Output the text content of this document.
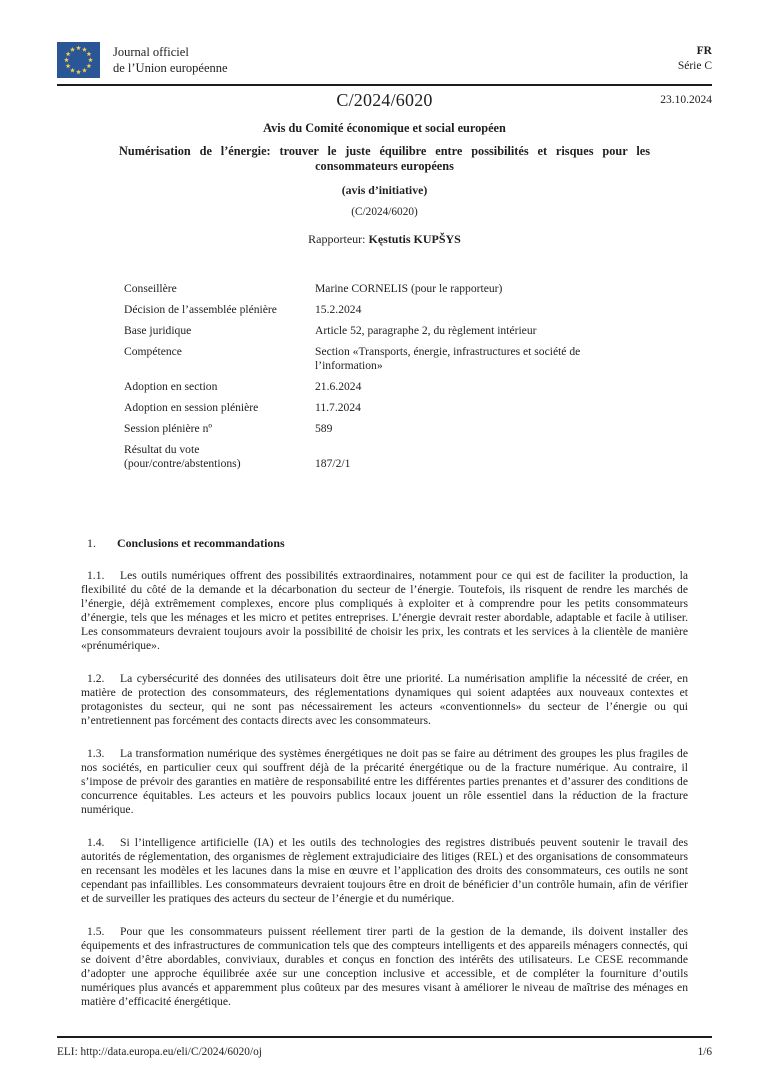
Journal officiel
de l’Union européenne
FR
Série C
C/2024/6020	23.10.2024
Avis du Comité économique et social européen
Numérisation de l’énergie: trouver le juste équilibre entre possibilités et risques pour les consommateurs européens
(avis d’initiative)
(C/2024/6020)
Rapporteur: Kęstutis KUPŠYS
Conseillère	Marine CORNELIS (pour le rapporteur)
Décision de l’assemblée plénière	15.2.2024
Base juridique	Article 52, paragraphe 2, du règlement intérieur
Compétence	Section «Transports, énergie, infrastructures et société de l’information»
Adoption en section	21.6.2024
Adoption en session plénière	11.7.2024
Session plénière nº	589
Résultat du vote
(pour/contre/abstentions)	187/2/1
1. Conclusions et recommandations

1.1. Les outils numériques offrent des possibilités extraordinaires, notamment pour ce qui est de faciliter la production, la flexibilité du côté de la demande et la décarbonation du secteur de l’énergie. Toutefois, ils risquent de rendre les marchés de l’énergie, déjà extrêmement complexes, encore plus compliqués à exploiter et à comprendre pour les petits consommateurs d’énergie, tels que les ménages et les micro et petites entreprises. L’énergie devrait rester abordable, adaptable et facile à utiliser. Les consommateurs devraient toujours avoir la possibilité de choisir les prix, les contrats et les services à la clientèle de manière «prénumérique».

1.2. La cybersécurité des données des utilisateurs doit être une priorité. La numérisation amplifie la nécessité de créer, en matière de protection des consommateurs, des réglementations dynamiques qui soient adaptées aux nouveaux contextes et protagonistes du secteur, qui ne sont pas nécessairement les acteurs «conventionnels» du secteur de l’énergie ou qui n’entretiennent pas forcément des contacts directs avec les consommateurs.

1.3. La transformation numérique des systèmes énergétiques ne doit pas se faire au détriment des groupes les plus fragiles de nos sociétés, en particulier ceux qui souffrent déjà de la précarité énergétique ou de la fracture numérique. Au contraire, il s’impose de prévoir des garanties en matière de responsabilité entre les différentes parties prenantes et d’assurer des conditions de concurrence équitables. Les acteurs et les pouvoirs publics locaux jouent un rôle essentiel dans la réduction de la fracture numérique.

1.4. Si l’intelligence artificielle (IA) et les outils des technologies des registres distribués peuvent soutenir le travail des autorités de réglementation, des organismes de règlement extrajudiciaire des litiges (REL) et des organisations de consommateurs en recensant les modèles et les lacunes dans la mise en œuvre et l’application des droits des consommateurs, ces outils ne sont cependant pas infaillibles. Les consommateurs devraient toujours être en droit de bénéficier d’un contrôle humain, afin de vérifier et de surveiller les pratiques des acteurs du secteur de l’énergie et du numérique.

1.5. Pour que les consommateurs puissent réellement tirer parti de la gestion de la demande, ils doivent installer des équipements et des infrastructures de communication tels que des compteurs intelligents et des appareils ménagers connectés, qui se doivent d’être abordables, conviviaux, durables et conçus en fonction des intérêts des utilisateurs. Le CESE recommande d’adopter une approche équilibrée axée sur une conception inclusive et accessible, et de compléter la fourniture d’outils numériques plus avancés et apparemment plus coûteux par des mesures visant à améliorer le niveau de maîtrise des ménages en matière d’efficacité énergétique.

ELI: http://data.europa.eu/eli/C/2024/6020/oj	1/6
